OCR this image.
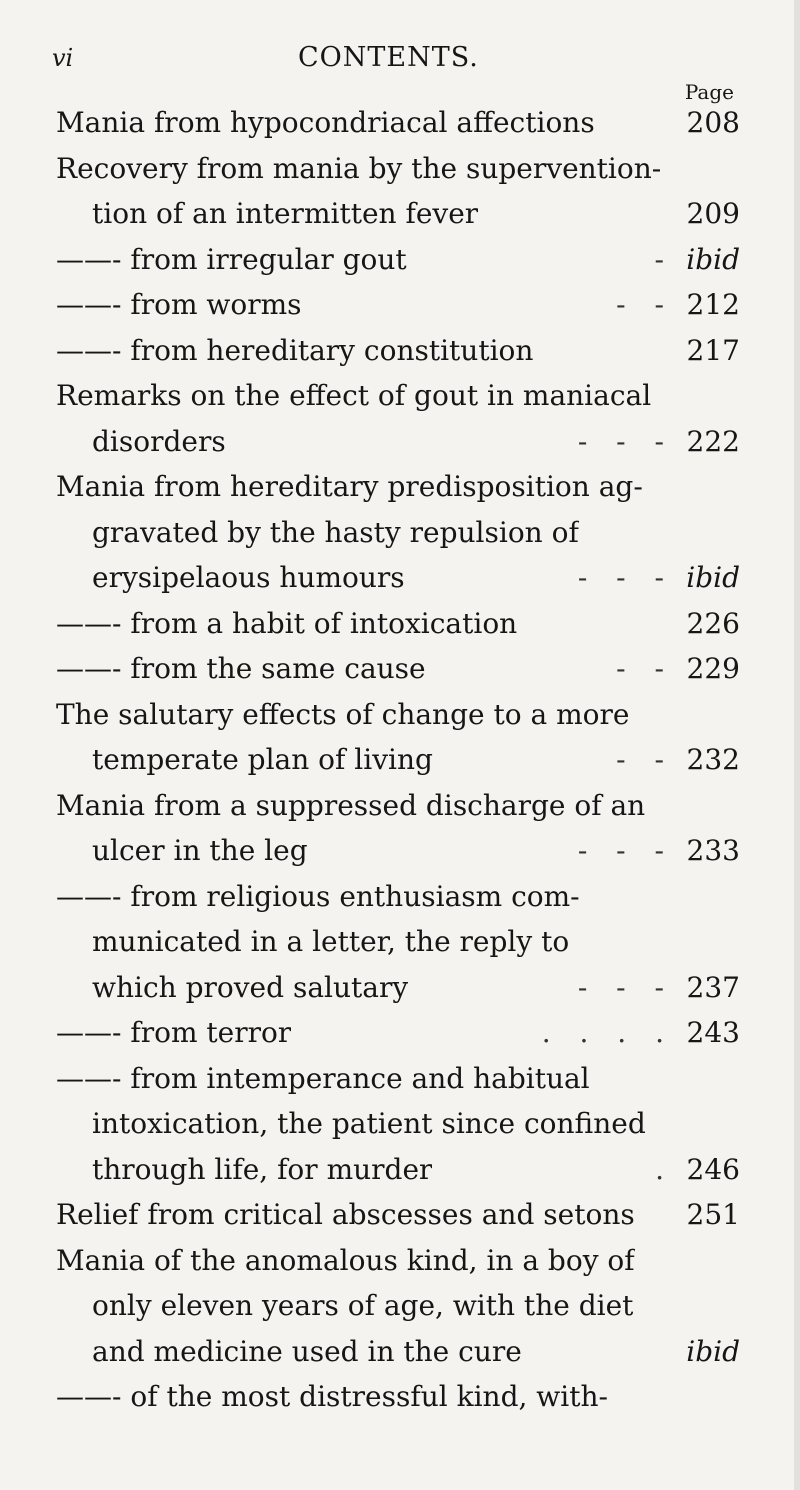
vi	CONTENTS.
Page
Mania from hypocondriacal affections	208
Recovery from mania by the supervention-
tion of an intermitten fever	209
——- from irregular gout	- ibid
——- from worms	- - 212
——- from hereditary constitution	217
Remarks on the effect of gout in maniacal
disorders	- - - 222
Mania from hereditary predisposition ag-
gravated by the hasty repulsion of
erysipelaous humours	- - - ibid
——- from a habit of intoxication	226
——- from the same cause	- - 229
The salutary effects of change to a more
temperate plan of living	- - 232
Mania from a suppressed discharge of an
ulcer in the leg	- - - 233
——- from religious enthusiasm com-
municated in a letter, the reply to
which proved salutary	- - - 237
——- from terror	. . . . 243
——- from intemperance and habitual
intoxication, the patient since confined
through life, for murder	. 246
Relief from critical abscesses and setons 251
Mania of the anomalous kind, in a boy of
only eleven years of age, with the diet
and medicine used in the cure	ibid
——- of the most distressful kind, with-
